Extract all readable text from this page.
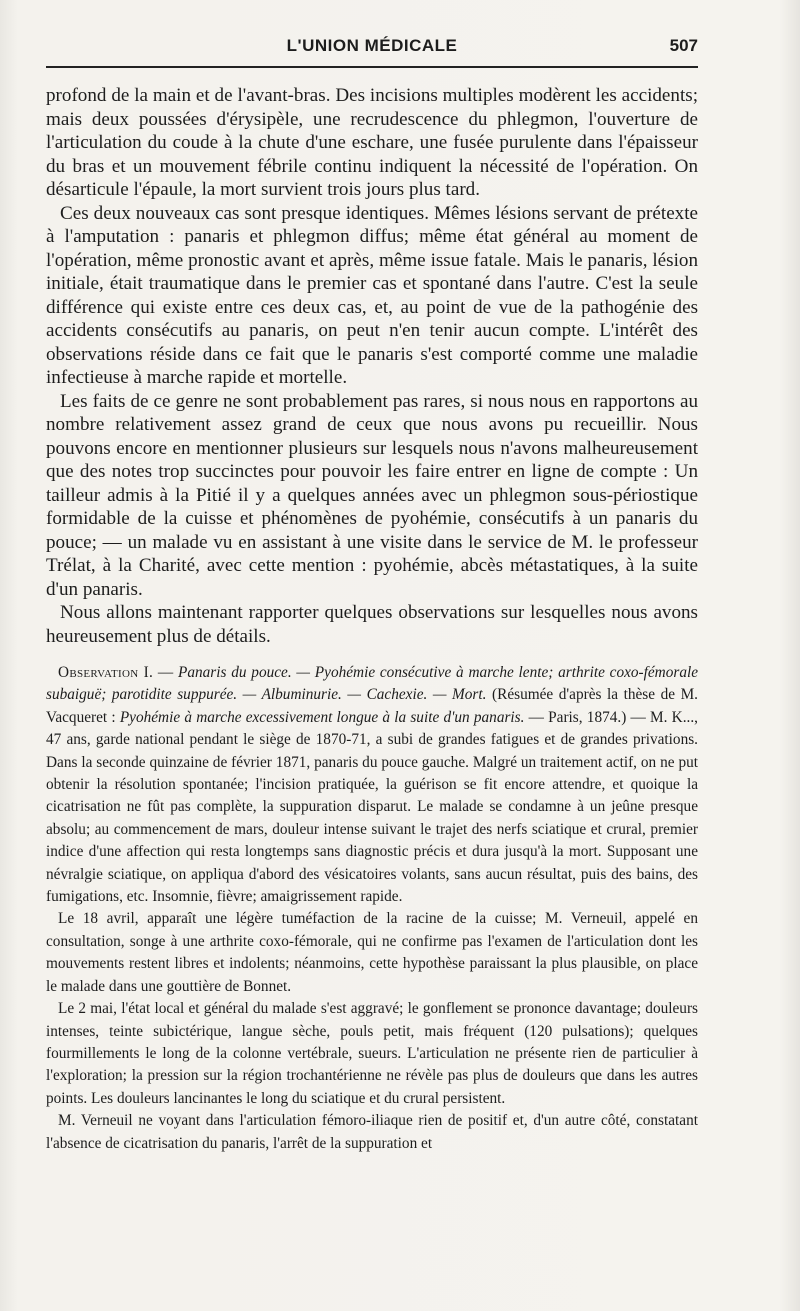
L'UNION MÉDICALE	507

profond de la main et de l'avant-bras. Des incisions multiples modèrent les accidents; mais deux poussées d'érysipèle, une recrudescence du phlegmon, l'ouverture de l'articulation du coude à la chute d'une eschare, une fusée purulente dans l'épaisseur du bras et un mouvement fébrile continu indiquent la nécessité de l'opération. On désarticule l'épaule, la mort survient trois jours plus tard.

Ces deux nouveaux cas sont presque identiques. Mêmes lésions servant de prétexte à l'amputation : panaris et phlegmon diffus; même état général au moment de l'opération, même pronostic avant et après, même issue fatale. Mais le panaris, lésion initiale, était traumatique dans le premier cas et spontané dans l'autre. C'est la seule différence qui existe entre ces deux cas, et, au point de vue de la pathogénie des accidents consécutifs au panaris, on peut n'en tenir aucun compte. L'intérêt des observations réside dans ce fait que le panaris s'est comporté comme une maladie infectieuse à marche rapide et mortelle.

Les faits de ce genre ne sont probablement pas rares, si nous nous en rapportons au nombre relativement assez grand de ceux que nous avons pu recueillir. Nous pouvons encore en mentionner plusieurs sur lesquels nous n'avons malheureusement que des notes trop succinctes pour pouvoir les faire entrer en ligne de compte : Un tailleur admis à la Pitié il y a quelques années avec un phlegmon sous-périostique formidable de la cuisse et phénomènes de pyohémie, consécutifs à un panaris du pouce; — un malade vu en assistant à une visite dans le service de M. le professeur Trélat, à la Charité, avec cette mention : pyohémie, abcès métastatiques, à la suite d'un panaris.

Nous allons maintenant rapporter quelques observations sur lesquelles nous avons heureusement plus de détails.

Observation I. — Panaris du pouce. — Pyohémie consécutive à marche lente; arthrite coxo-fémorale subaiguë; parotidite suppurée. — Albuminurie. — Cachexie. — Mort. (Résumée d'après la thèse de M. Vacqueret : Pyohémie à marche excessivement longue à la suite d'un panaris. — Paris, 1874.) — M. K..., 47 ans, garde national pendant le siège de 1870-71, a subi de grandes fatigues et de grandes privations. Dans la seconde quinzaine de février 1871, panaris du pouce gauche. Malgré un traitement actif, on ne put obtenir la résolution spontanée; l'incision pratiquée, la guérison se fit encore attendre, et quoique la cicatrisation ne fût pas complète, la suppuration disparut. Le malade se condamne à un jeûne presque absolu; au commencement de mars, douleur intense suivant le trajet des nerfs sciatique et crural, premier indice d'une affection qui resta longtemps sans diagnostic précis et dura jusqu'à la mort. Supposant une névralgie sciatique, on appliqua d'abord des vésicatoires volants, sans aucun résultat, puis des bains, des fumigations, etc. Insomnie, fièvre; amaigrissement rapide.

Le 18 avril, apparaît une légère tuméfaction de la racine de la cuisse; M. Verneuil, appelé en consultation, songe à une arthrite coxo-fémorale, qui ne confirme pas l'examen de l'articulation dont les mouvements restent libres et indolents; néanmoins, cette hypothèse paraissant la plus plausible, on place le malade dans une gouttière de Bonnet.

Le 2 mai, l'état local et général du malade s'est aggravé; le gonflement se prononce davantage; douleurs intenses, teinte subictérique, langue sèche, pouls petit, mais fréquent (120 pulsations); quelques fourmillements le long de la colonne vertébrale, sueurs. L'articulation ne présente rien de particulier à l'exploration; la pression sur la région trochantérienne ne révèle pas plus de douleurs que dans les autres points. Les douleurs lancinantes le long du sciatique et du crural persistent.

M. Verneuil ne voyant dans l'articulation fémoro-iliaque rien de positif et, d'un autre côté, constatant l'absence de cicatrisation du panaris, l'arrêt de la suppuration et
